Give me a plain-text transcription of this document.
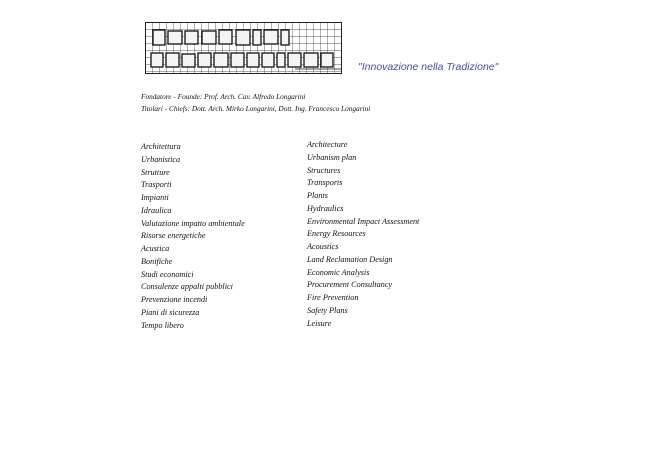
"Innovazione nella Tradizione"
Fondatore - Founde: Prof. Arch. Cav. Alfredo Longarini
Titolari - Chiefs: Dott. Arch. Mirko Longarini, Dott. Ing. Francesco Longarini
Architettura
Urbanistica
Strutture
Trasporti
Impianti
Idraulica
Valutazione impatto ambientale
Risorse energetiche
Acustica
Bonifiche
Studi economici
Consulenze appalti pubblici
Prevenzione incendi
Piani di sicurezza
Tempo libero
Architecture
Urbanism plan
Structures
Transports
Plants
Hydraulics
Environmental Impact Assessment
Energy Resources
Acoustics
Land Reclamation Design
Economic Analysis
Procurement Consultancy
Fire Prevention
Safety Plans
Leisure
